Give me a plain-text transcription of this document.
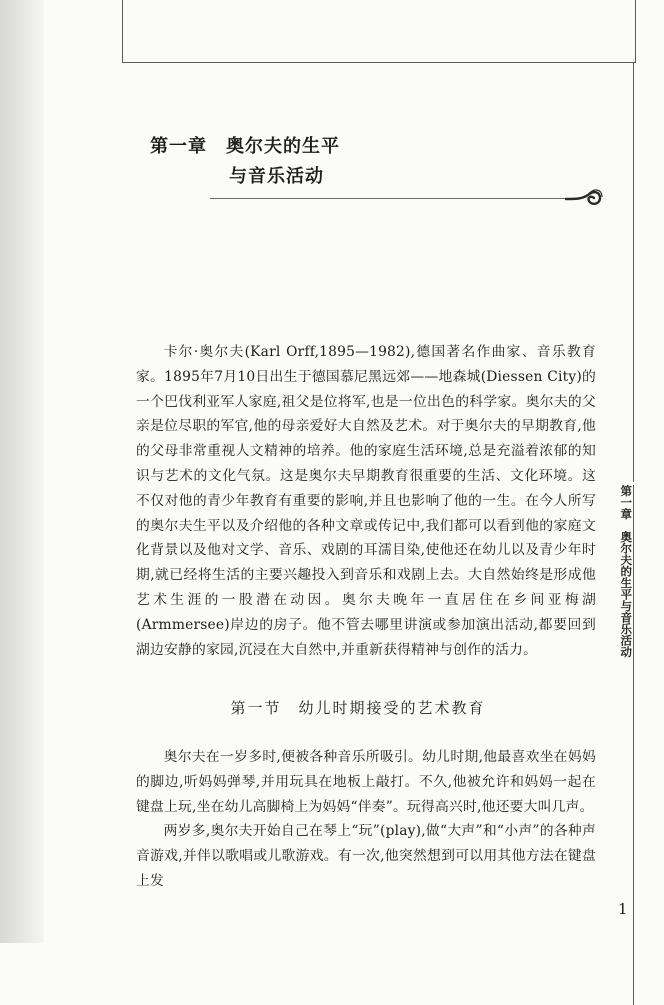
第一章　奥尔夫的生平
与音乐活动

卡尔·奥尔夫(Karl Orff,1895—1982),德国著名作曲家、音乐教育家。1895年7月10日出生于德国慕尼黑远郊——地森城(Diessen City)的一个巴伐利亚军人家庭,祖父是位将军,也是一位出色的科学家。奥尔夫的父亲是位尽职的军官,他的母亲爱好大自然及艺术。对于奥尔夫的早期教育,他的父母非常重视人文精神的培养。他的家庭生活环境,总是充溢着浓郁的知识与艺术的文化气氛。这是奥尔夫早期教育很重要的生活、文化环境。这不仅对他的青少年教育有重要的影响,并且也影响了他的一生。在今人所写的奥尔夫生平以及介绍他的各种文章或传记中,我们都可以看到他的家庭文化背景以及他对文学、音乐、戏剧的耳濡目染,使他还在幼儿以及青少年时期,就已经将生活的主要兴趣投入到音乐和戏剧上去。大自然始终是形成他艺术生涯的一股潜在动因。奥尔夫晚年一直居住在乡间亚梅湖(Armmersee)岸边的房子。他不管去哪里讲演或参加演出活动,都要回到湖边安静的家园,沉浸在大自然中,并重新获得精神与创作的活力。

第一节　幼儿时期接受的艺术教育

奥尔夫在一岁多时,便被各种音乐所吸引。幼儿时期,他最喜欢坐在妈妈的脚边,听妈妈弹琴,并用玩具在地板上敲打。不久,他被允许和妈妈一起在键盘上玩,坐在幼儿高脚椅上为妈妈“伴奏”。玩得高兴时,他还要大叫几声。

两岁多,奥尔夫开始自己在琴上“玩”(play),做“大声”和“小声”的各种声音游戏,并伴以歌唱或儿歌游戏。有一次,他突然想到可以用其他方法在键盘上发

第一章　奥尔夫的生平与音乐活动
1
